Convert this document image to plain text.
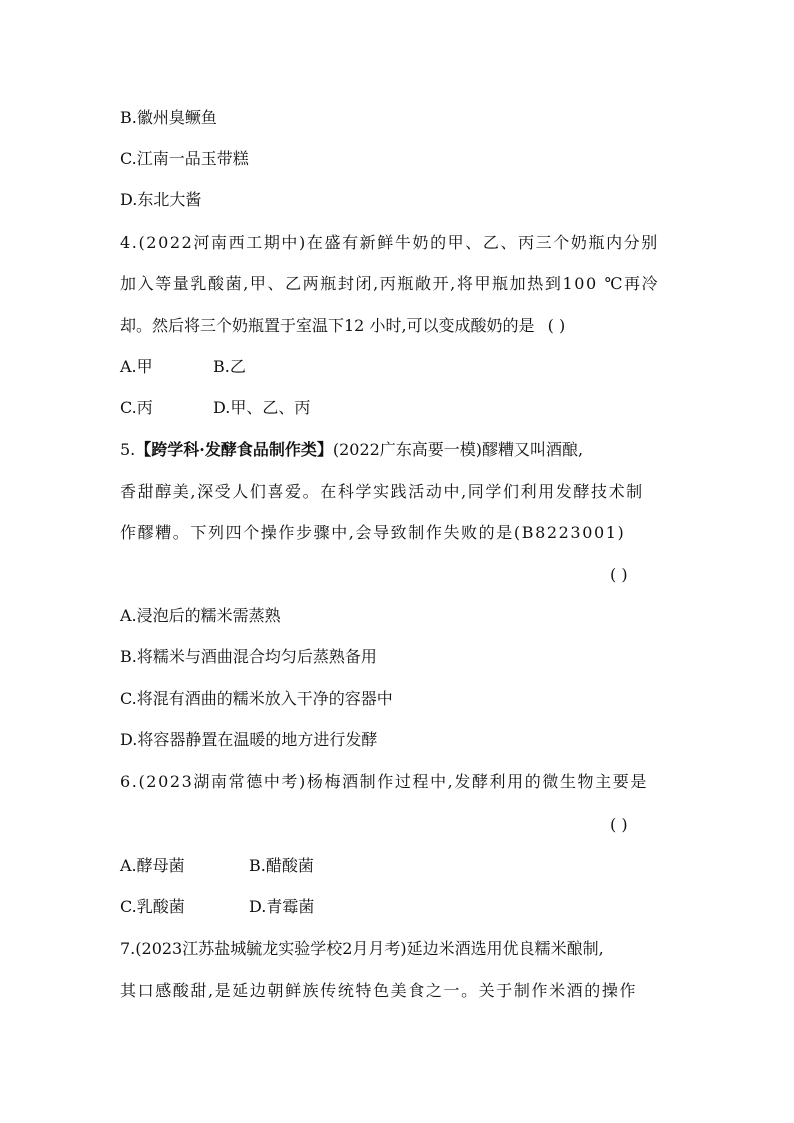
B.徽州臭鳜鱼
C.江南一品玉带糕
D.东北大酱
4.(2022河南西工期中)在盛有新鲜牛奶的甲、乙、丙三个奶瓶内分别
加入等量乳酸菌,甲、乙两瓶封闭,丙瓶敞开,将甲瓶加热到100 ℃再冷
却。然后将三个奶瓶置于室温下12 小时,可以变成酸奶的是 ( )
A.甲	B.乙
C.丙	D.甲、乙、丙
5.【跨学科·发酵食品制作类】(2022广东高要一模)醪糟又叫酒酿,
香甜醇美,深受人们喜爱。在科学实践活动中,同学们利用发酵技术制
作醪糟。下列四个操作步骤中,会导致制作失败的是(B8223001)
( )
A.浸泡后的糯米需蒸熟
B.将糯米与酒曲混合均匀后蒸熟备用
C.将混有酒曲的糯米放入干净的容器中
D.将容器静置在温暖的地方进行发酵
6.(2023湖南常德中考)杨梅酒制作过程中,发酵利用的微生物主要是
( )
A.酵母菌	B.醋酸菌
C.乳酸菌	D.青霉菌
7.(2023江苏盐城毓龙实验学校2月月考)延边米酒选用优良糯米酿制,
其口感酸甜,是延边朝鲜族传统特色美食之一。关于制作米酒的操作
